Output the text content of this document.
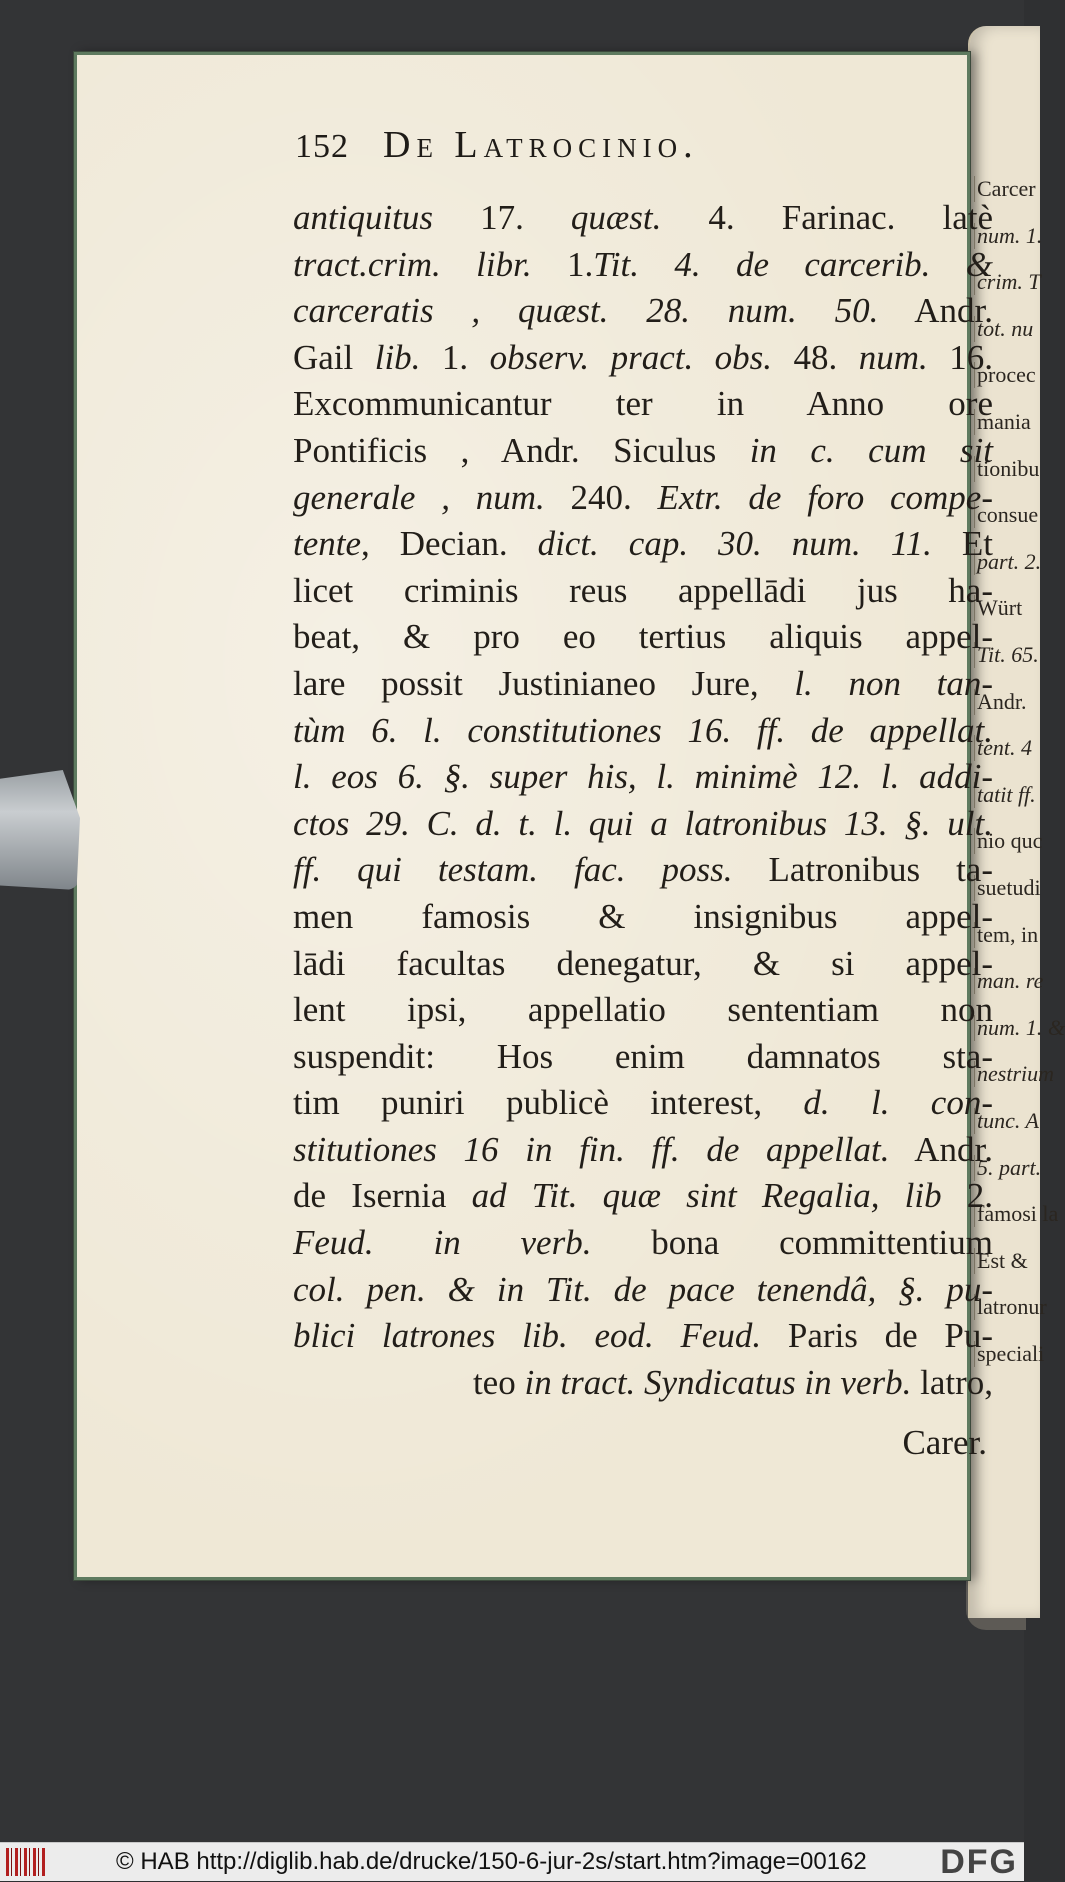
Carcer
num. 1.
crim. T
tot. nu
procec
mania
tionibu
consue
part. 2.
Würt
Tit. 65.
Andr.
tent. 4
tatit ff.
nio quc
suetudi
tem, in
man. re
num. 1. &
nestrium
tunc. A
5. part.
famosi la
Est &
latronur
speciali
152 De Latrocinio.
antiquitus 17. quæst. 4. Farinac. latè
tract.crim. libr. 1.Tit. 4. de carcerib. &
carceratis , quæst. 28. num. 50. Andr.
Gail lib. 1. observ. pract. obs. 48. num. 16.
Excommunicantur ter in Anno ore
Pontificis , Andr. Siculus in c. cum sit
generale , num. 240. Extr. de foro compe-
tente, Decian. dict. cap. 30. num. 11. Et
licet criminis reus appellādi jus ha-
beat, & pro eo tertius aliquis appel-
lare possit Justinianeo Jure, l. non tan-
tùm 6. l. constitutiones 16. ff. de appellat.
l. eos 6. §. super his, l. minimè 12. l. addi-
ctos 29. C. d. t. l. qui a latronibus 13. §. ult.
ff. qui testam. fac. poss. Latronibus ta-
men famosis & insignibus appel-
lādi facultas denegatur, & si appel-
lent ipsi, appellatio sententiam non
suspendit: Hos enim damnatos sta-
tim puniri publicè interest, d. l. con-
stitutiones 16 in fin. ff. de appellat. Andr.
de Isernia ad Tit. quæ sint Regalia, lib 2.
Feud. in verb. bona committentium
col. pen. & in Tit. de pace tenendâ, §. pu-
blici latrones lib. eod. Feud. Paris de Pu-
teo in tract. Syndicatus in verb. latro,
Carer.
© HAB http://diglib.hab.de/drucke/150-6-jur-2s/start.htm?image=00162	DFG
